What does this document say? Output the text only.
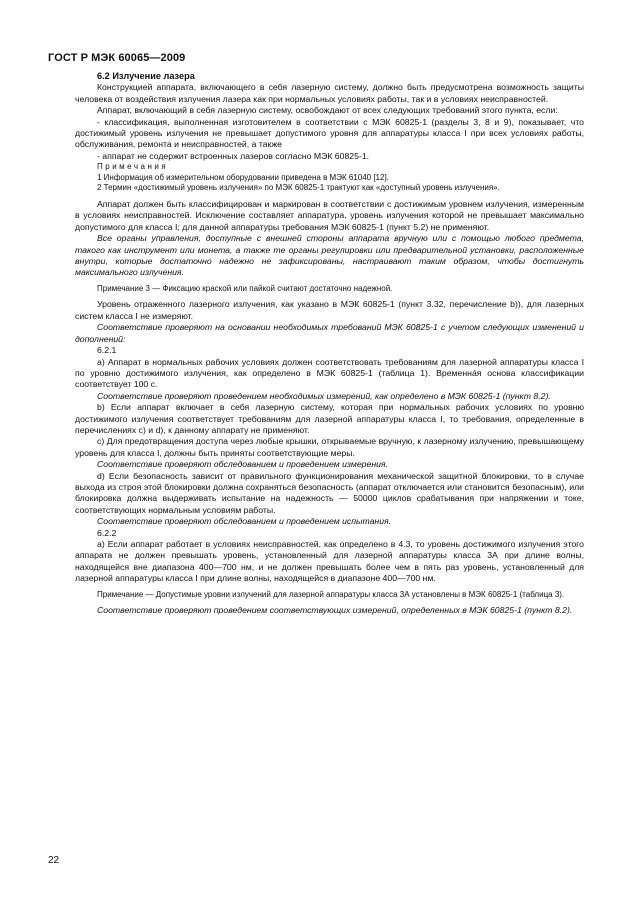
ГОСТ Р МЭК 60065—2009

6.2 Излучение лазера

Конструкцией аппарата, включающего в себя лазерную систему, должно быть предусмотрена возможность защиты человека от воздействия излучения лазера как при нормальных условиях работы, так и в условиях неисправностей.

Аппарат, включающий в себя лазерную систему, освобождают от всех следующих требований этого пункта, если:

- классификация, выполненная изготовителем в соответствии с МЭК 60825-1 (разделы 3, 8 и 9), показывает, что достижимый уровень излучения не превышает допустимого уровня для аппаратуры класса I при всех условиях работы, обслуживания, ремонта и неисправностей, а также

- аппарат не содержит встроенных лазеров согласно МЭК 60825-1.

Примечания

1 Информация об измерительном оборудовании приведена в МЭК 61040 [12].

2 Термин «достижимый уровень излучения» по МЭК 60825-1 трактуют как «доступный уровень излучения».

Аппарат должен быть классифицирован и маркирован в соответствии с достижимым уровнем излучения, измеренным в условиях неисправностей. Исключение составляет аппаратура, уровень излучения которой не превышает максимально допустимого для класса I; для данной аппаратуры требования МЭК 60825-1 (пункт 5.2) не применяют.

Все органы управления, доступные с внешней стороны аппарата вручную или с помощью любого предмета, такого как инструмент или монета, а также те органы регулировки или предварительной установки, расположенные внутри, которые достаточно надежно не зафиксированы, настраивают таким образом, чтобы достигнуть максимального излучения.

Примечание 3 — Фиксацию краской или пайкой считают достаточно надежной.

Уровень отраженного лазерного излучения, как указано в МЭК 60825-1 (пункт 3.32, перечисление b)), для лазерных систем класса I не измеряют.

Соответствие проверяют на основании необходимых требований МЭК 60825-1 с учетом следующих изменений и дополнений:

6.2.1

а) Аппарат в нормальных рабочих условиях должен соответствовать требованиям для лазерной аппаратуры класса I по уровню достижимого излучения, как определено в МЭК 60825-1 (таблица 1). Временнáя основа классификации соответствует 100 с.

Соответствие проверяют проведением необходимых измерений, как определено в МЭК 60825-1 (пункт 8.2).

b) Если аппарат включает в себя лазерную систему, которая при нормальных рабочих условиях по уровню достижимого излучения соответствует требованиям для лазерной аппаратуры класса I, то требования, определенные в перечислениях c) и d), к данному аппарату не применяют.

c) Для предотвращения доступа через любые крышки, открываемые вручную, к лазерному излучению, превышающему уровень для класса I, должны быть приняты соответствующие меры.

Соответствие проверяют обследованием и проведением измерения.

d) Если безопасность зависит от правильного функционирования механической защитной блокировки, то в случае выхода из строя этой блокировки должна сохраняться безопасность (аппарат отключается или становится безопасным), или блокировка должна выдерживать испытание на надежность — 50000 циклов срабатывания при напряжении и токе, соответствующих нормальным условиям работы.

Соответствие проверяют обследованием и проведением испытания.

6.2.2

а) Если аппарат работает в условиях неисправностей, как определено в 4.3, то уровень достижимого излучения этого аппарата не должен превышать уровень, установленный для лазерной аппаратуры класса 3А при длине волны, находящейся вне диапазона 400—700 нм, и не должен превышать более чем в пять раз уровень, установленный для лазерной аппаратуры класса I при длине волны, находящейся в диапазоне 400—700 нм.

Примечание — Допустимые уровни излучений для лазерной аппаратуры класса 3А установлены в МЭК 60825-1 (таблица 3).

Соответствие проверяют проведением соответствующих измерений, определенных в МЭК 60825-1 (пункт 8.2).

22
